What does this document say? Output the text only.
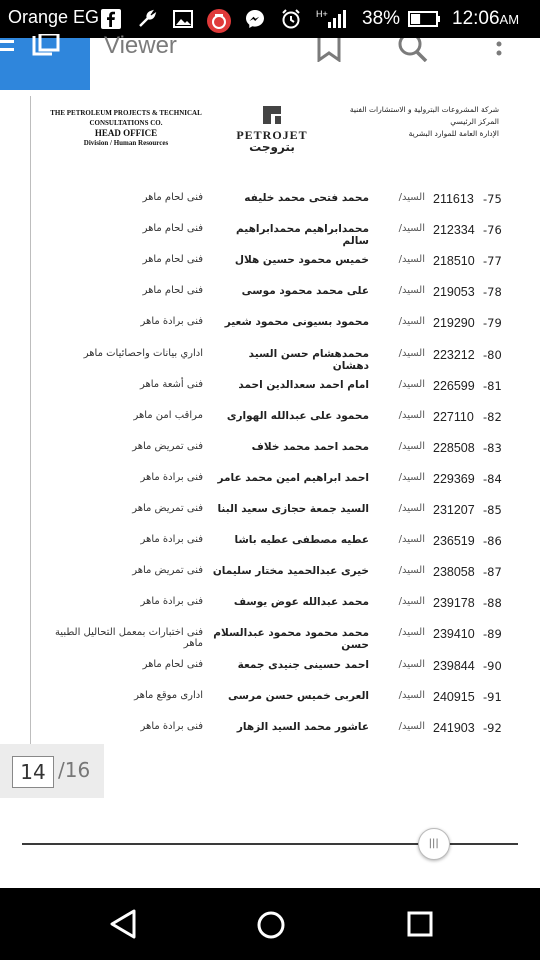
Orange EG	H+ 38%	12:06AM
Viewer
THE PETROLEUM PROJECTS & TECHNICAL
CONSULTATIONS CO.
HEAD OFFICE
Division / Human Resources
PETROJET
بتروجت
شركة المشروعات البترولية و الاستشارات الفنية
المركز الرئيسي
الإدارة العامة للموارد البشرية
-75
211613
السيد/
محمد فتحى محمد خليفه
فنى لحام ماهر
-76
212334
السيد/
محمدابراهيم محمدابراهيم سالم
فنى لحام ماهر
-77
218510
السيد/
خميس محمود حسين هلال
فنى لحام ماهر
-78
219053
السيد/
على محمد محمود موسى
فنى لحام ماهر
-79
219290
السيد/
محمود بسيونى محمود شعير
فنى برادة ماهر
-80
223212
السيد/
محمدهشام حسن السيد دهشان
اداري بيانات واحصائيات ماهر
-81
226599
السيد/
امام احمد سعدالدين احمد
فنى أشعة ماهر
-82
227110
السيد/
محمود على عبدالله الهوارى
مراقب امن ماهر
-83
228508
السيد/
محمد احمد محمد خلاف
فنى تمريض ماهر
-84
229369
السيد/
احمد ابراهيم امين محمد عامر
فنى برادة ماهر
-85
231207
السيد/
السيد جمعة حجازى سعيد البنا
فنى تمريض ماهر
-86
236519
السيد/
عطيه مصطفى عطيه باشا
فنى برادة ماهر
-87
238058
السيد/
خيرى عبدالحميد مختار سليمان
فنى تمريض ماهر
-88
239178
السيد/
محمد عبدالله عوض يوسف
فنى برادة ماهر
-89
239410
السيد/
محمد محمود محمود عبدالسلام حسن
فنى اختبارات بمعمل التحاليل الطبية ماهر
-90
239844
السيد/
احمد حسينى جنيدى جمعة
فنى لحام ماهر
-91
240915
السيد/
العربى خميس حسن مرسى
ادارى موقع ماهر
-92
241903
السيد/
عاشور محمد السيد الزهار
فنى برادة ماهر
14 /16
|||
